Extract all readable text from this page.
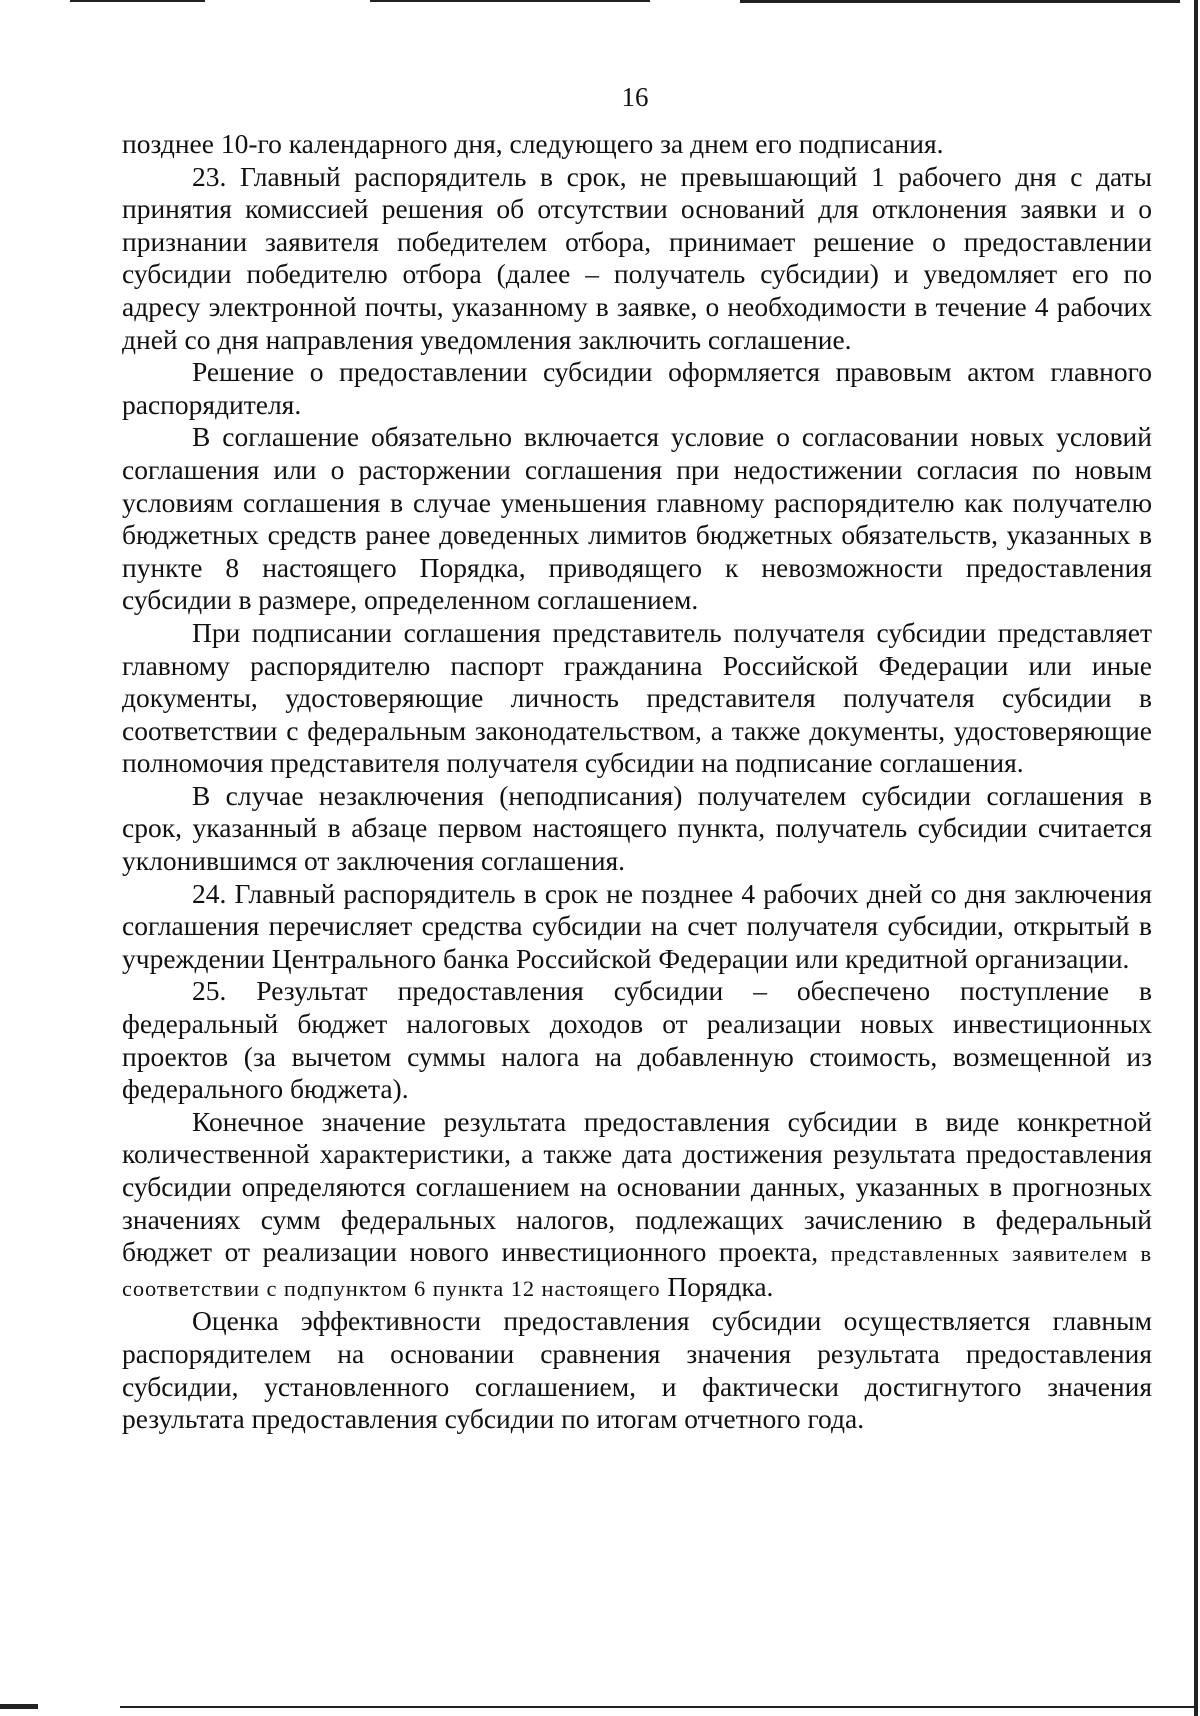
16

позднее 10-го календарного дня, следующего за днем его подписания.

23. Главный распорядитель в срок, не превышающий 1 рабочего дня с даты принятия комиссией решения об отсутствии оснований для отклонения заявки и о признании заявителя победителем отбора, принимает решение о предоставлении субсидии победителю отбора (далее – получатель субсидии) и уведомляет его по адресу электронной почты, указанному в заявке, о необходимости в течение 4 рабочих дней со дня направления уведомления заключить соглашение.

Решение о предоставлении субсидии оформляется правовым актом главного распорядителя.

В соглашение обязательно включается условие о согласовании новых условий соглашения или о расторжении соглашения при недостижении согласия по новым условиям соглашения в случае уменьшения главному распорядителю как получателю бюджетных средств ранее доведенных лимитов бюджетных обязательств, указанных в пункте 8 настоящего Порядка, приводящего к невозможности предоставления субсидии в размере, определенном соглашением.

При подписании соглашения представитель получателя субсидии представляет главному распорядителю паспорт гражданина Российской Федерации или иные документы, удостоверяющие личность представителя получателя субсидии в соответствии с федеральным законодательством, а также документы, удостоверяющие полномочия представителя получателя субсидии на подписание соглашения.

В случае незаключения (неподписания) получателем субсидии соглашения в срок, указанный в абзаце первом настоящего пункта, получатель субсидии считается уклонившимся от заключения соглашения.

24. Главный распорядитель в срок не позднее 4 рабочих дней со дня заключения соглашения перечисляет средства субсидии на счет получателя субсидии, открытый в учреждении Центрального банка Российской Федерации или кредитной организации.

25. Результат предоставления субсидии – обеспечено поступление в федеральный бюджет налоговых доходов от реализации новых инвестиционных проектов (за вычетом суммы налога на добавленную стоимость, возмещенной из федерального бюджета).

Конечное значение результата предоставления субсидии в виде конкретной количественной характеристики, а также дата достижения результата предоставления субсидии определяются соглашением на основании данных, указанных в прогнозных значениях сумм федеральных налогов, подлежащих зачислению в федеральный бюджет от реализации нового инвестиционного проекта, представленных заявителем в соответствии с подпунктом 6 пункта 12 настоящего Порядка.

Оценка эффективности предоставления субсидии осуществляется главным распорядителем на основании сравнения значения результата предоставления субсидии, установленного соглашением, и фактически достигнутого значения результата предоставления субсидии по итогам отчетного года.
